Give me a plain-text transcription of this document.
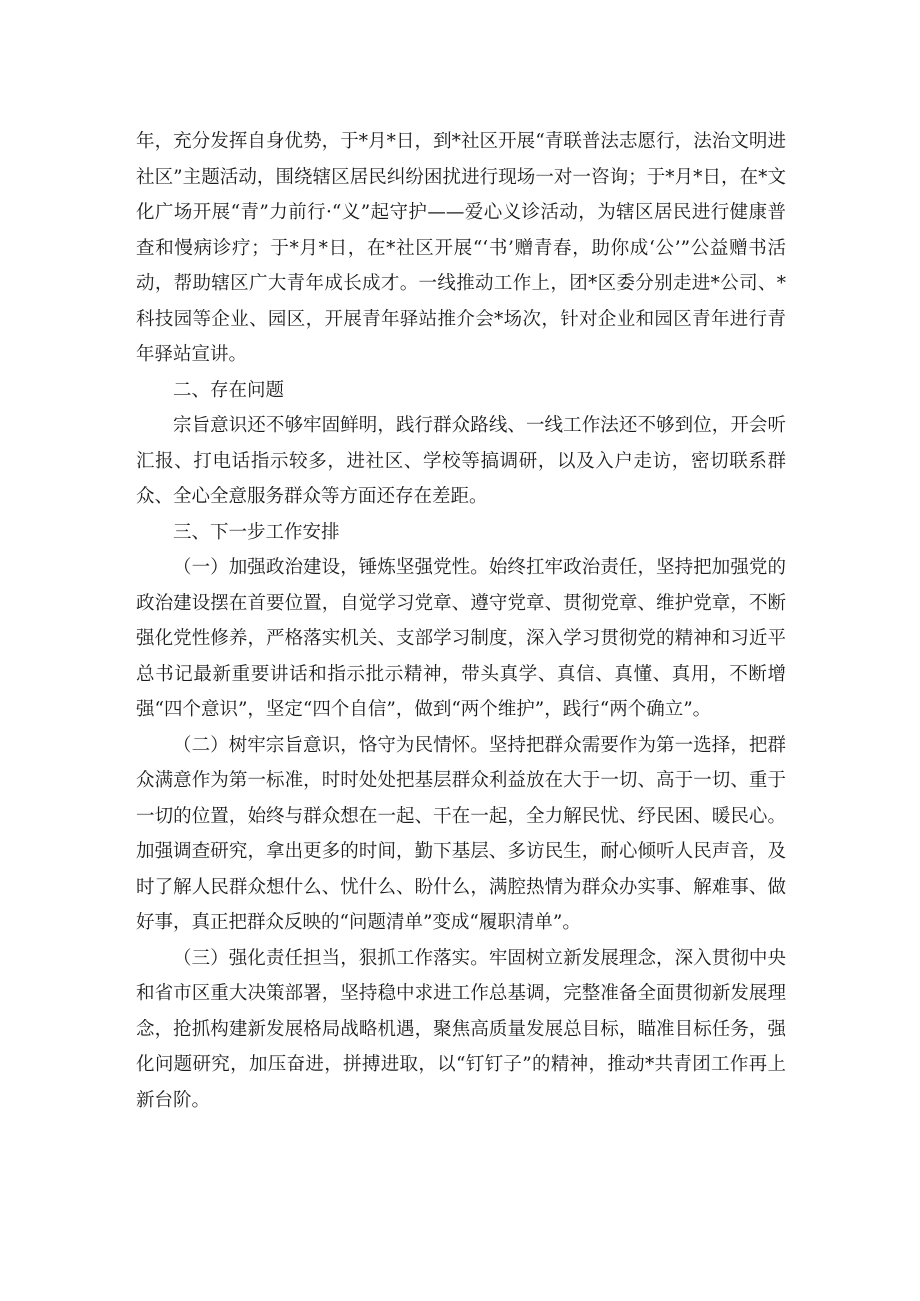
年，充分发挥自身优势，于*月*日，到*社区开展“青联普法志愿行，法治文明进社区”主题活动，围绕辖区居民纠纷困扰进行现场一对一咨询；于*月*日，在*文化广场开展“青”力前行·“义”起守护——爱心义诊活动，为辖区居民进行健康普查和慢病诊疗；于*月*日，在*社区开展“‘书’赠青春，助你成‘公’”公益赠书活动，帮助辖区广大青年成长成才。一线推动工作上，团*区委分别走进*公司、*科技园等企业、园区，开展青年驿站推介会*场次，针对企业和园区青年进行青年驿站宣讲。

二、存在问题

宗旨意识还不够牢固鲜明，践行群众路线、一线工作法还不够到位，开会听汇报、打电话指示较多，进社区、学校等搞调研，以及入户走访，密切联系群众、全心全意服务群众等方面还存在差距。

三、下一步工作安排

（一）加强政治建设，锤炼坚强党性。始终扛牢政治责任，坚持把加强党的政治建设摆在首要位置，自觉学习党章、遵守党章、贯彻党章、维护党章，不断强化党性修养，严格落实机关、支部学习制度，深入学习贯彻党的精神和习近平总书记最新重要讲话和指示批示精神，带头真学、真信、真懂、真用，不断增强“四个意识”，坚定“四个自信”，做到“两个维护”，践行“两个确立”。

（二）树牢宗旨意识，恪守为民情怀。坚持把群众需要作为第一选择，把群众满意作为第一标准，时时处处把基层群众利益放在大于一切、高于一切、重于一切的位置，始终与群众想在一起、干在一起，全力解民忧、纾民困、暖民心。加强调查研究，拿出更多的时间，勤下基层、多访民生，耐心倾听人民声音，及时了解人民群众想什么、忧什么、盼什么，满腔热情为群众办实事、解难事、做好事，真正把群众反映的“问题清单”变成“履职清单”。

（三）强化责任担当，狠抓工作落实。牢固树立新发展理念，深入贯彻中央和省市区重大决策部署，坚持稳中求进工作总基调，完整准备全面贯彻新发展理念，抢抓构建新发展格局战略机遇，聚焦高质量发展总目标，瞄准目标任务，强化问题研究，加压奋进，拼搏进取，以“钉钉子”的精神，推动*共青团工作再上新台阶。
